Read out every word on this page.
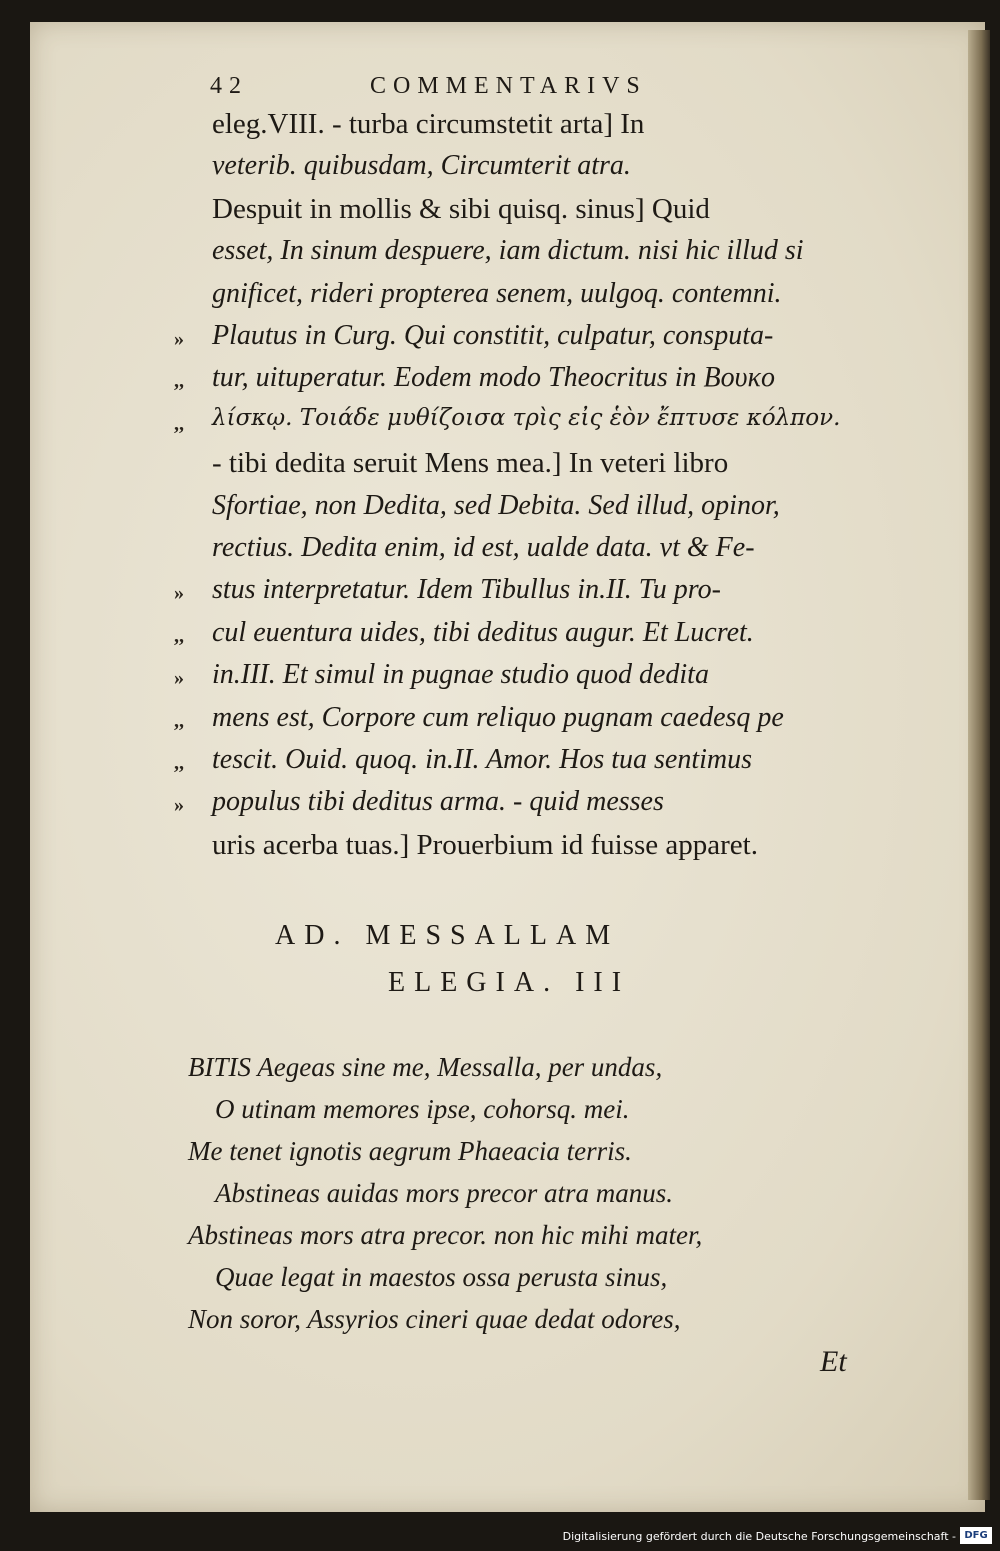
42	COMMENTARIVS
eleg.VIII. - turba circumstetit arta] In
veterib. quibusdam, Circumterit atra.
Despuit in mollis & sibi quisq. sinus] Quid
esset, In sinum despuere, iam dictum. nisi hic illud si
gnificet, rideri propterea senem, uulgoq. contemni.
Plautus in Curg. Qui constitit, culpatur, consputa-
»
tur, uituperatur. Eodem modo Theocritus in Βουκο
,,
λίσκῳ. Τοιάδε μυθίζοισα τρὶς εἰς ἑὸν ἔπτυσε κόλπον.
,,
- tibi dedita seruit Mens mea.] In veteri libro
Sfortiae, non Dedita, sed Debita. Sed illud, opinor,
rectius. Dedita enim, id est, ualde data. vt & Fe-
stus interpretatur. Idem Tibullus in.II. Tu pro-
»
cul euentura uides, tibi deditus augur. Et Lucret.
,,
in.III. Et simul in pugnae studio quod dedita
»
mens est, Corpore cum reliquo pugnam caedesq pe
,,
tescit. Ouid. quoq. in.II. Amor. Hos tua sentimus
,,
populus tibi deditus arma. - quid messes
»
uris acerba tuas.] Prouerbium id fuisse apparet.
AD. MESSALLAM
ELEGIA. III
BITIS Aegeas sine me, Messalla, per undas,
O utinam memores ipse, cohorsq. mei.
Me tenet ignotis aegrum Phaeacia terris.
Abstineas auidas mors precor atra manus.
Abstineas mors atra precor. non hic mihi mater,
Quae legat in maestos ossa perusta sinus,
Non soror, Assyrios cineri quae dedat odores,
Et
Digitalisierung gefördert durch die Deutsche Forschungsgemeinschaft - DFG
